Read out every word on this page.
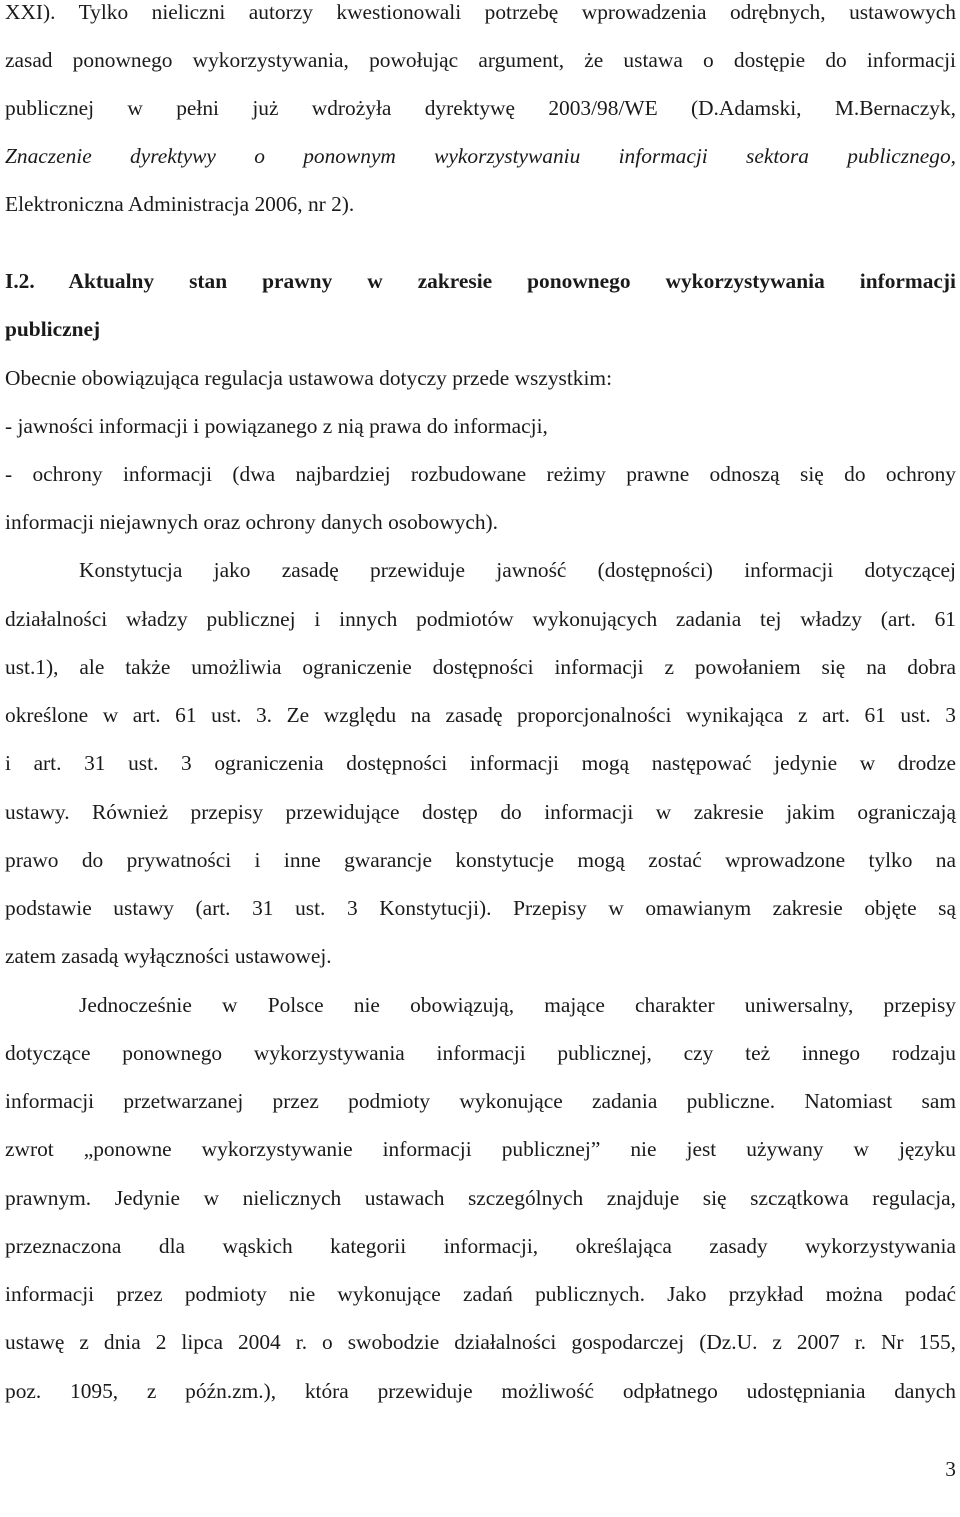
XXI). Tylko nieliczni autorzy kwestionowali potrzebę wprowadzenia odrębnych, ustawowych
zasad ponownego wykorzystywania, powołując argument, że ustawa o dostępie do informacji
publicznej w pełni już wdrożyła dyrektywę 2003/98/WE (D.Adamski, M.Bernaczyk,
Znaczenie dyrektywy o ponownym wykorzystywaniu informacji sektora publicznego,
Elektroniczna Administracja 2006, nr 2).
I.2. Aktualny stan prawny w zakresie ponownego wykorzystywania informacji
publicznej
Obecnie obowiązująca regulacja ustawowa dotyczy przede wszystkim:
- jawności informacji i powiązanego z nią prawa do informacji,
- ochrony informacji (dwa najbardziej rozbudowane reżimy prawne odnoszą się do ochrony
informacji niejawnych oraz ochrony danych osobowych).
Konstytucja jako zasadę przewiduje jawność (dostępności) informacji dotyczącej
działalności władzy publicznej i innych podmiotów wykonujących zadania tej władzy (art. 61
ust.1), ale także umożliwia ograniczenie dostępności informacji z powołaniem się na dobra
określone w art. 61 ust. 3. Ze względu na zasadę proporcjonalności wynikająca z art. 61 ust. 3
i art. 31 ust. 3 ograniczenia dostępności informacji mogą następować jedynie w drodze
ustawy. Również przepisy przewidujące dostęp do informacji w zakresie jakim ograniczają
prawo do prywatności i inne gwarancje konstytucje mogą zostać wprowadzone tylko na
podstawie ustawy (art. 31 ust. 3 Konstytucji). Przepisy w omawianym zakresie objęte są
zatem zasadą wyłączności ustawowej.
Jednocześnie w Polsce nie obowiązują, mające charakter uniwersalny, przepisy
dotyczące ponownego wykorzystywania informacji publicznej, czy też innego rodzaju
informacji przetwarzanej przez podmioty wykonujące zadania publiczne. Natomiast sam
zwrot „ponowne wykorzystywanie informacji publicznej” nie jest używany w języku
prawnym. Jedynie w nielicznych ustawach szczególnych znajduje się szczątkowa regulacja,
przeznaczona dla wąskich kategorii informacji, określająca zasady wykorzystywania
informacji przez podmioty nie wykonujące zadań publicznych. Jako przykład można podać
ustawę z dnia 2 lipca 2004 r. o swobodzie działalności gospodarczej (Dz.U. z 2007 r. Nr 155,
poz. 1095, z późn.zm.), która przewiduje możliwość odpłatnego udostępniania danych
3
